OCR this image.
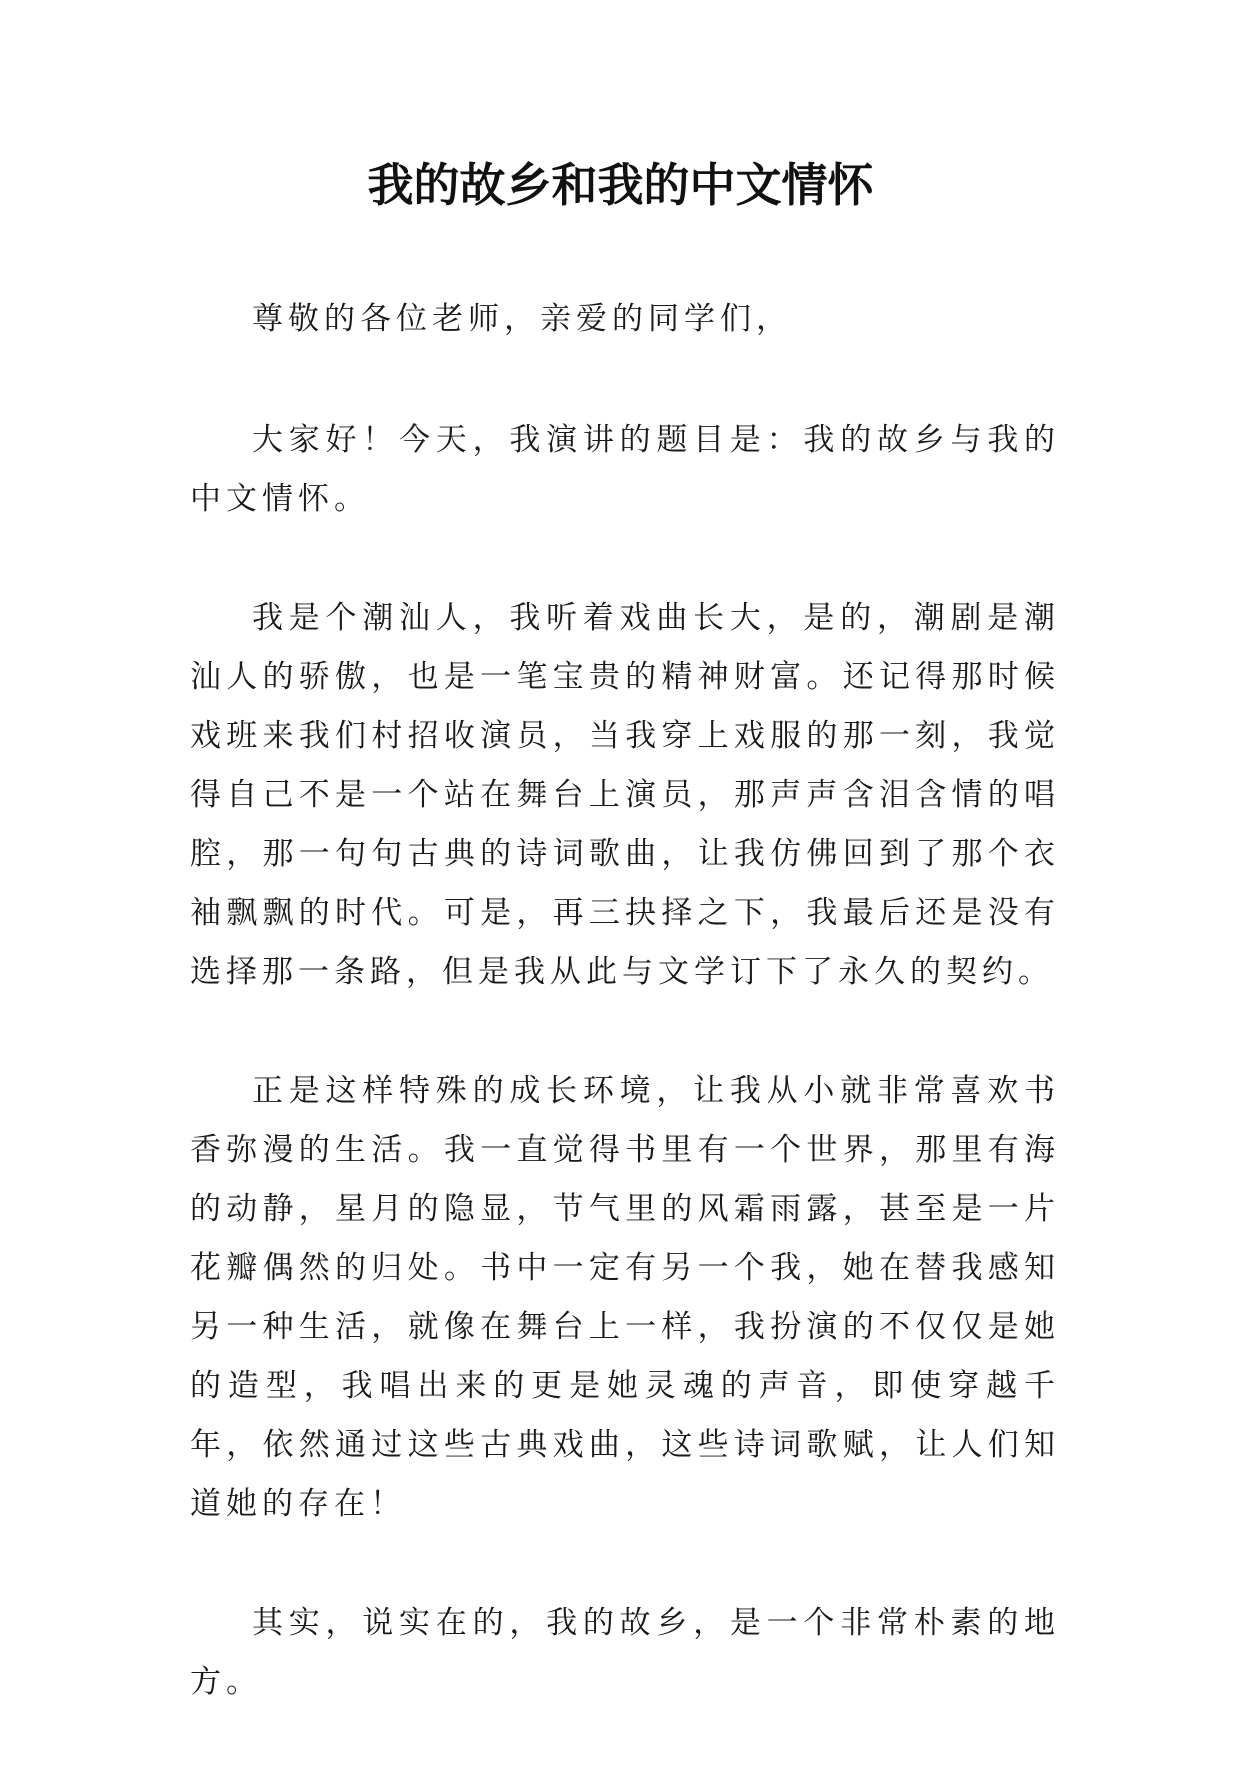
我的故乡和我的中文情怀

尊敬的各位老师，亲爱的同学们，

大家好！今天，我演讲的题目是：我的故乡与我的中文情怀。

我是个潮汕人，我听着戏曲长大，是的，潮剧是潮汕人的骄傲，也是一笔宝贵的精神财富。还记得那时候戏班来我们村招收演员，当我穿上戏服的那一刻，我觉得自己不是一个站在舞台上演员，那声声含泪含情的唱腔，那一句句古典的诗词歌曲，让我仿佛回到了那个衣袖飘飘的时代。可是，再三抉择之下，我最后还是没有选择那一条路，但是我从此与文学订下了永久的契约。

正是这样特殊的成长环境，让我从小就非常喜欢书香弥漫的生活。我一直觉得书里有一个世界，那里有海的动静，星月的隐显，节气里的风霜雨露，甚至是一片花瓣偶然的归处。书中一定有另一个我，她在替我感知另一种生活，就像在舞台上一样，我扮演的不仅仅是她的造型，我唱出来的更是她灵魂的声音，即使穿越千年，依然通过这些古典戏曲，这些诗词歌赋，让人们知道她的存在！

其实，说实在的，我的故乡，是一个非常朴素的地方。
